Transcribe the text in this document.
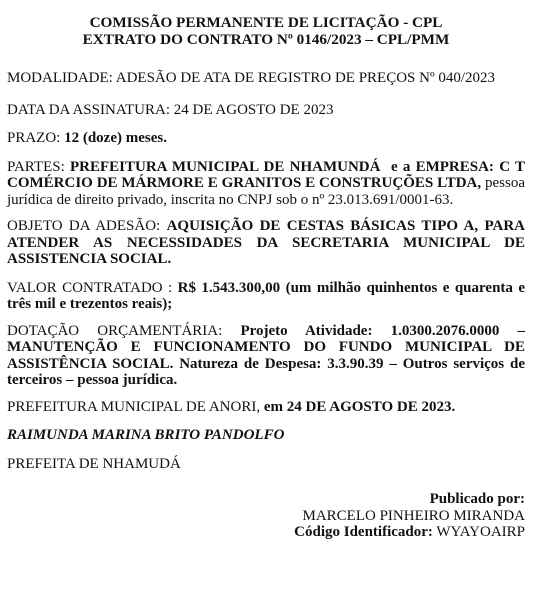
COMISSÃO PERMANENTE DE LICITAÇÃO - CPL
EXTRATO DO CONTRATO Nº 0146/2023 – CPL/PMM

MODALIDADE: ADESÃO DE ATA DE REGISTRO DE PREÇOS Nº 040/2023

DATA DA ASSINATURA: 24 DE AGOSTO DE 2023

PRAZO: 12 (doze) meses.

PARTES: PREFEITURA MUNICIPAL DE NHAMUNDÁ e a EMPRESA: C T COMÉRCIO DE MÁRMORE E GRANITOS E CONSTRUÇÕES LTDA, pessoa jurídica de direito privado, inscrita no CNPJ sob o nº 23.013.691/0001-63.

OBJETO DA ADESÃO: AQUISIÇÃO DE CESTAS BÁSICAS TIPO A, PARA ATENDER AS NECESSIDADES DA SECRETARIA MUNICIPAL DE ASSISTENCIA SOCIAL.

VALOR CONTRATADO : R$ 1.543.300,00 (um milhão quinhentos e quarenta e três mil e trezentos reais);

DOTAÇÃO ORÇAMENTÁRIA: Projeto Atividade: 1.0300.2076.0000 – MANUTENÇÃO E FUNCIONAMENTO DO FUNDO MUNICIPAL DE ASSISTÊNCIA SOCIAL. Natureza de Despesa: 3.3.90.39 – Outros serviços de terceiros – pessoa jurídica.

PREFEITURA MUNICIPAL DE ANORI, em 24 DE AGOSTO DE 2023.

RAIMUNDA MARINA BRITO PANDOLFO

PREFEITA DE NHAMUDÁ

Publicado por:
MARCELO PINHEIRO MIRANDA
Código Identificador: WYAYOAIRP
